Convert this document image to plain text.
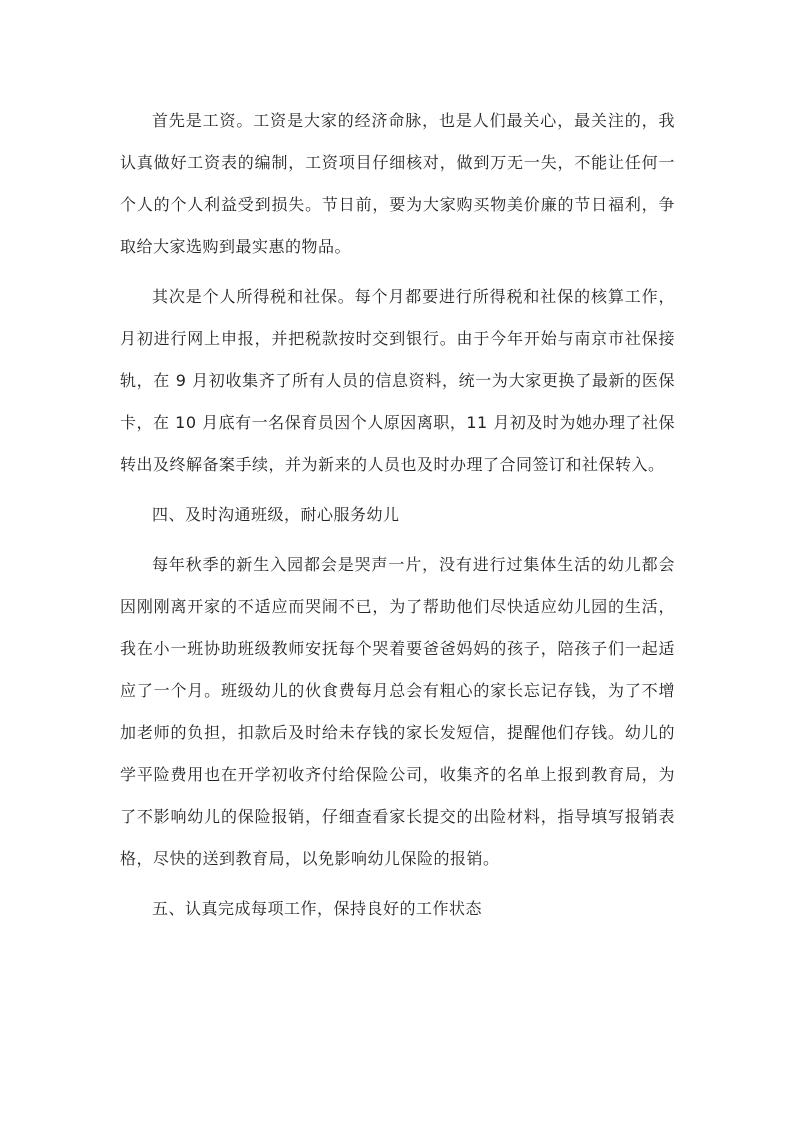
首先是工资。工资是大家的经济命脉，也是人们最关心，最关注的，我认真做好工资表的编制，工资项目仔细核对，做到万无一失，不能让任何一个人的个人利益受到损失。节日前，要为大家购买物美价廉的节日福利，争取给大家选购到最实惠的物品。

其次是个人所得税和社保。每个月都要进行所得税和社保的核算工作，月初进行网上申报，并把税款按时交到银行。由于今年开始与南京市社保接轨，在 9 月初收集齐了所有人员的信息资料，统一为大家更换了最新的医保卡，在 10 月底有一名保育员因个人原因离职，11 月初及时为她办理了社保转出及终解备案手续，并为新来的人员也及时办理了合同签订和社保转入。

四、及时沟通班级，耐心服务幼儿

每年秋季的新生入园都会是哭声一片，没有进行过集体生活的幼儿都会因刚刚离开家的不适应而哭闹不已，为了帮助他们尽快适应幼儿园的生活，我在小一班协助班级教师安抚每个哭着要爸爸妈妈的孩子，陪孩子们一起适应了一个月。班级幼儿的伙食费每月总会有粗心的家长忘记存钱，为了不增加老师的负担，扣款后及时给未存钱的家长发短信，提醒他们存钱。幼儿的学平险费用也在开学初收齐付给保险公司，收集齐的名单上报到教育局，为了不影响幼儿的保险报销，仔细查看家长提交的出险材料，指导填写报销表格，尽快的送到教育局，以免影响幼儿保险的报销。

五、认真完成每项工作，保持良好的工作状态
